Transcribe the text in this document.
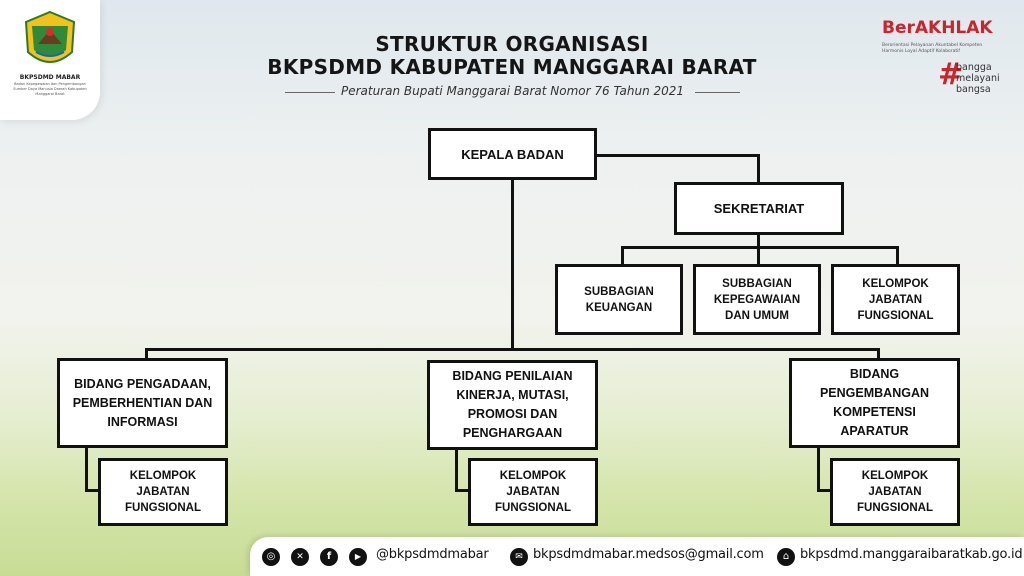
BKPSDMD MABAR
Badan Kepegawaian dan Pengembangan Sumber Daya Manusia Daerah Kabupaten Manggarai Barat
STRUKTUR ORGANISASI
BKPSDMD KABUPATEN MANGGARAI BARAT
Peraturan Bupati Manggarai Barat Nomor 76 Tahun 2021
BerAKHLAK
Berorientasi Pelayanan Akuntabel Kompeten
Harmonis Loyal Adaptif Kolaboratif
#
bangga
melayani
bangsa
KEPALA BADAN
SEKRETARIAT
SUBBAGIAN KEUANGAN
SUBBAGIAN KEPEGAWAIAN DAN UMUM
KELOMPOK JABATAN FUNGSIONAL
BIDANG PENGADAAN, PEMBERHENTIAN DAN INFORMASI
BIDANG PENILAIAN KINERJA, MUTASI, PROMOSI DAN PENGHARGAAN
BIDANG PENGEMBANGAN KOMPETENSI APARATUR
KELOMPOK JABATAN FUNGSIONAL
KELOMPOK JABATAN FUNGSIONAL
KELOMPOK JABATAN FUNGSIONAL
◎	✕	f	▶	@bkpsdmdmabar	✉ bkpsdmdmabar.medsos@gmail.com	⌂ bkpsdmd.manggaraibaratkab.go.id
